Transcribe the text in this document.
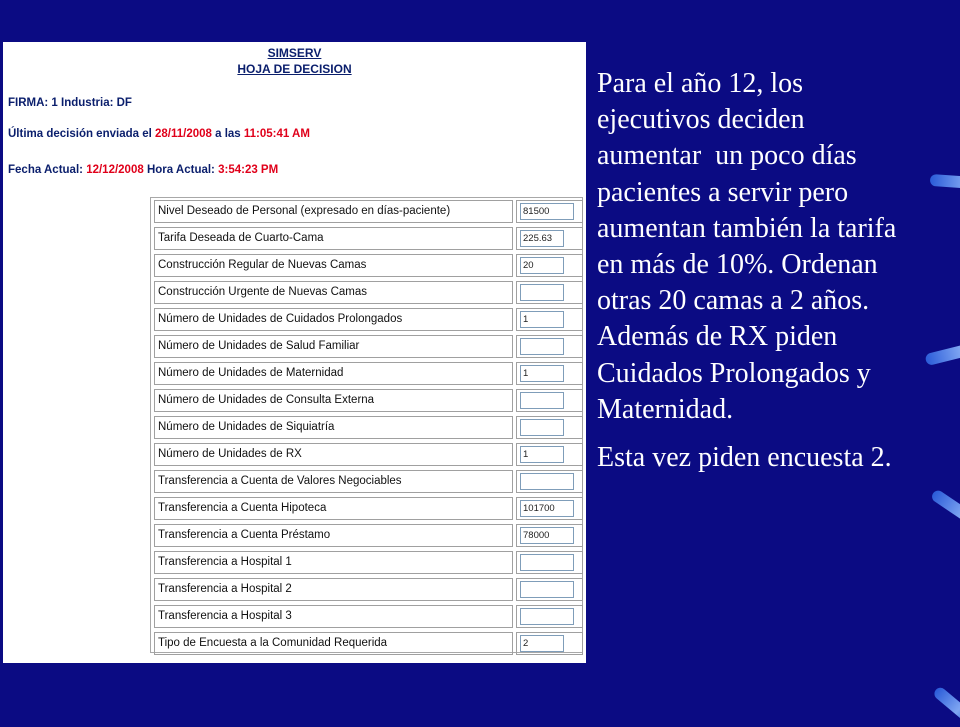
SIMSERV
HOJA DE DECISION
FIRMA: 1 Industria: DF
Última decisión enviada el 28/11/2008 a las 11:05:41 AM
Fecha Actual: 12/12/2008 Hora Actual: 3:54:23 PM
Nivel Deseado de Personal (expresado en días-paciente)
81500
Tarifa Deseada de Cuarto-Cama
225.63
Construcción Regular de Nuevas Camas
20
Construcción Urgente de Nuevas Camas
Número de Unidades de Cuidados Prolongados
1
Número de Unidades de Salud Familiar
Número de Unidades de Maternidad
1
Número de Unidades de Consulta Externa
Número de Unidades de Siquiatría
Número de Unidades de RX
1
Transferencia a Cuenta de Valores Negociables
Transferencia a Cuenta Hipoteca
101700
Transferencia a Cuenta Préstamo
78000
Transferencia a Hospital 1
Transferencia a Hospital 2
Transferencia a Hospital 3
Tipo de Encuesta a la Comunidad Requerida
2
Para el año 12, los
ejecutivos deciden
aumentar  un poco días
pacientes a servir pero
aumentan también la tarifa
en más de 10%. Ordenan
otras 20 camas a 2 años.
Además de RX piden
Cuidados Prolongados y
Maternidad.
Esta vez piden encuesta 2.
